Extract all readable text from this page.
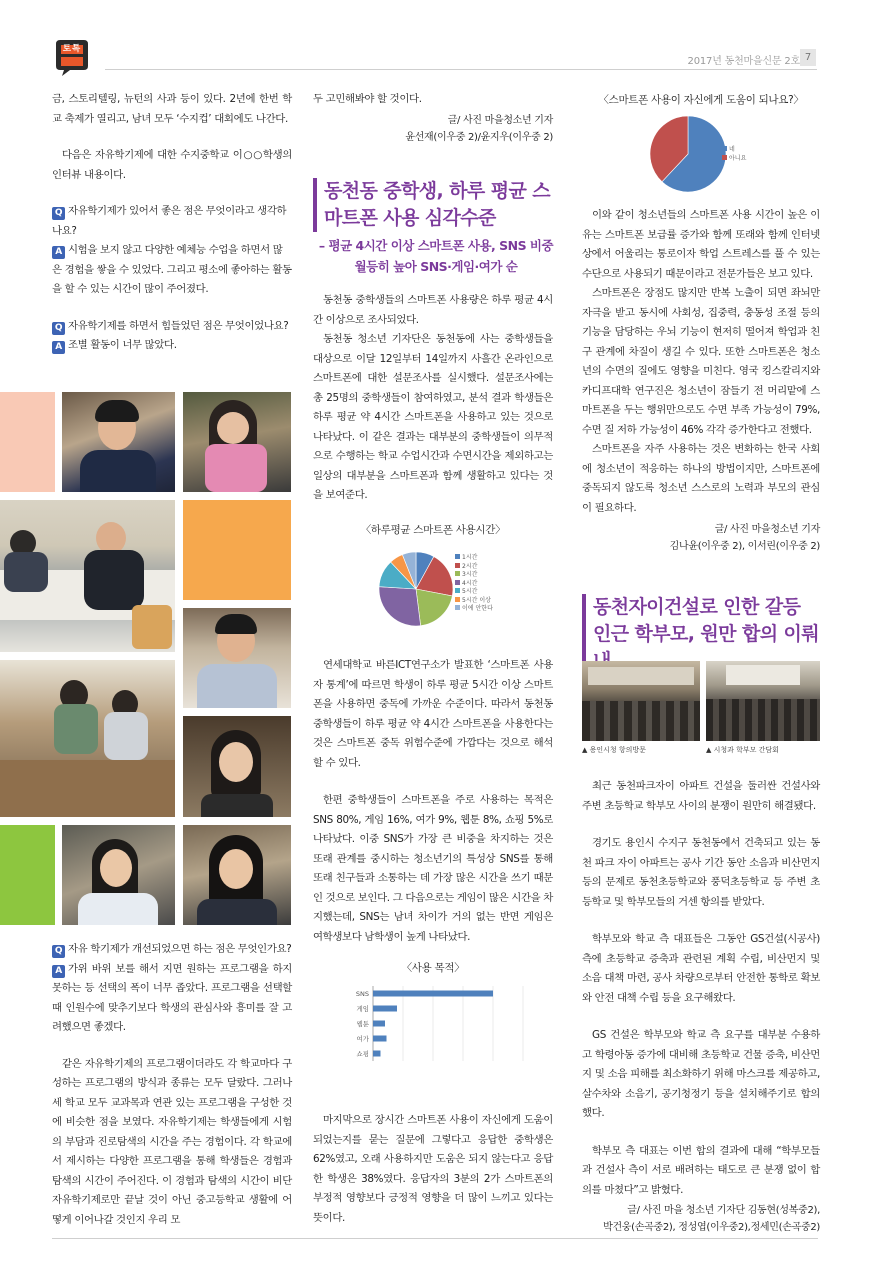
토톡
2017년 동천마을신문 2호 7

금, 스토리텔링, 뉴턴의 사과 등이 있다. 2년에 한번 학교 축제가 열리고, 남녀 모두 ‘수지컵’ 대회에도 나간다.

다음은 자유학기제에 대한 수지중학교 이○○학생의 인터뷰 내용이다.

Q 자유학기제가 있어서 좋은 점은 무엇이라고 생각하나요?

A 시험을 보지 않고 다양한 예체능 수업을 하면서 많은 경험을 쌓을 수 있었다. 그리고 평소에 좋아하는 활동을 할 수 있는 시간이 많이 주어졌다.

Q 자유학기제를 하면서 힘들었던 점은 무엇이었나요?

A 조별 활동이 너무 많았다.

Q 자유 학기제가 개선되었으면 하는 점은 무엇인가요?

A 가위 바위 보를 해서 지면 원하는 프로그램을 하지 못하는 등 선택의 폭이 너무 좁았다. 프로그램을 선택할 때 인원수에 맞추기보다 학생의 관심사와 흥미를 잘 고려했으면 좋겠다.

같은 자유학기제의 프로그램이더라도 각 학교마다 구성하는 프로그램의 방식과 종류는 모두 달랐다. 그러나 세 학교 모두 교과목과 연관 있는 프로그램을 구성한 것에 비슷한 점을 보였다. 자유학기제는 학생들에게 시험의 부담과 진로탐색의 시간을 주는 경험이다. 각 학교에서 제시하는 다양한 프로그램을 통해 학생들은 경험과 탐색의 시간이 주어진다. 이 경험과 탐색의 시간이 비단 자유학기제로만 끝날 것이 아닌 중고등학교 생활에 어떻게 이어나갈 것인지 우리 모

두 고민해봐야 할 것이다.

글/ 사진 마을청소년 기자

윤선재(이우중 2)/윤지우(이우중 2)

동천동 중학생, 하루 평균 스마트폰 사용 심각수준
– 평균 4시간 이상 스마트폰 사용, SNS 비중 월등히 높아 SNS·게임·여가 순

동천동 중학생들의 스마트폰 사용량은 하루 평균 4시간 이상으로 조사되었다.

동천동 청소년 기자단은 동천동에 사는 중학생들을 대상으로 이달 12일부터 14일까지 사흘간 온라인으로 스마트폰에 대한 설문조사를 실시했다. 설문조사에는 총 25명의 중학생들이 참여하였고, 분석 결과 학생들은 하루 평균 약 4시간 스마트폰을 사용하고 있는 것으로 나타났다. 이 같은 결과는 대부분의 중학생들이 의무적으로 수행하는 학교 수업시간과 수면시간을 제외하고는 일상의 대부분을 스마트폰과 함께 생활하고 있다는 것을 보여준다.

〈하루평균 스마트폰 사용시간〉
1시간
2시간
3시간
4시간
5시간
5시간 이상
이에 안한다

연세대학교 바른ICT연구소가 발표한 ‘스마트폰 사용자 통계’에 따르면 학생이 하루 평균 5시간 이상 스마트폰을 사용하면 중독에 가까운 수준이다. 따라서 동천동 중학생들이 하루 평균 약 4시간 스마트폰을 사용한다는 것은 스마트폰 중독 위험수준에 가깝다는 것으로 해석할 수 있다.

한편 중학생들이 스마트폰을 주로 사용하는 목적은 SNS 80%, 게임 16%, 여가 9%, 웹툰 8%, 쇼핑 5%로 나타났다. 이중 SNS가 가장 큰 비중을 차지하는 것은 또래 관계를 중시하는 청소년기의 특성상 SNS를 통해 또래 친구들과 소통하는 데 가장 많은 시간을 쓰기 때문인 것으로 보인다. 그 다음으로는 게임이 많은 시간을 차지했는데, SNS는 남녀 차이가 거의 없는 반면 게임은 여학생보다 남학생이 높게 나타났다.

〈사용 목적〉
SNS
게임
웹툰
여가
쇼핑

마지막으로 장시간 스마트폰 사용이 자신에게 도움이 되었는지를 묻는 질문에 그렇다고 응답한 중학생은 62%였고, 오래 사용하지만 도움은 되지 않는다고 응답한 학생은 38%였다. 응답자의 3분의 2가 스마트폰의 부정적 영향보다 긍정적 영향을 더 많이 느끼고 있다는 뜻이다.

〈스마트폰 사용이 자신에게 도움이 되나요?〉
네
아니요

이와 같이 청소년들의 스마트폰 사용 시간이 높은 이유는 스마트폰 보급률 증가와 함께 또래와 함께 인터넷상에서 어울리는 통로이자 학업 스트레스를 풀 수 있는 수단으로 사용되기 때문이라고 전문가들은 보고 있다.

스마트폰은 장점도 많지만 반복 노출이 되면 좌뇌만 자극을 받고 동시에 사회성, 집중력, 충동성 조절 등의 기능을 담당하는 우뇌 기능이 현저히 떨어져 학업과 친구 관계에 차질이 생길 수 있다. 또한 스마트폰은 청소년의 수면의 질에도 영향을 미친다. 영국 킹스칼리지와 카디프대학 연구진은 청소년이 잠들기 전 머리맡에 스마트폰을 두는 행위만으로도 수면 부족 가능성이 79%, 수면 질 저하 가능성이 46% 각각 증가한다고 전했다.

스마트폰을 자주 사용하는 것은 변화하는 한국 사회에 청소년이 적응하는 하나의 방법이지만, 스마트폰에 중독되지 않도록 청소년 스스로의 노력과 부모의 관심이 필요하다.

글/ 사진 마을청소년 기자

김나윤(이우중 2), 이서린(이우중 2)

동천자이건설로 인한 갈등 인근 학부모, 원만 합의 이뤄
▲ 용인시청 항의방문	▲ 시청과 학부모 간담회

최근 동천파크자이 아파트 건설을 둘러싼 건설사와 주변 초등학교 학부모 사이의 분쟁이 원만히 해결됐다.

경기도 용인시 수지구 동천동에서 건축되고 있는 동천 파크 자이 아파트는 공사 기간 동안 소음과 비산먼지 등의 문제로 동천초등학교와 풍덕초등학교 등 주변 초등학교 및 학부모들의 거센 항의를 받았다.

학부모와 학교 측 대표들은 그동안 GS건설(시공사) 측에 초등학교 증축과 관련된 계획 수립, 비산먼지 및 소음 대책 마련, 공사 차량으로부터 안전한 통학로 확보와 안전 대책 수립 등을 요구해왔다.

GS 건설은 학부모와 학교 측 요구를 대부분 수용하고 학령아동 증가에 대비해 초등학교 건물 증축, 비산먼지 및 소음 피해를 최소화하기 위해 마스크를 제공하고, 살수차와 소음기, 공기청정기 등을 설치해주기로 합의했다.

학부모 측 대표는 이번 합의 결과에 대해 “학부모들과 건설사 측이 서로 배려하는 태도로 큰 분쟁 없이 합의를 마쳤다”고 밝혔다.

글/ 사진 마을 청소년 기자단 김동현(성복중2),

박건웅(손곡중2), 정성엽(이우중2),정세민(손곡중2)
